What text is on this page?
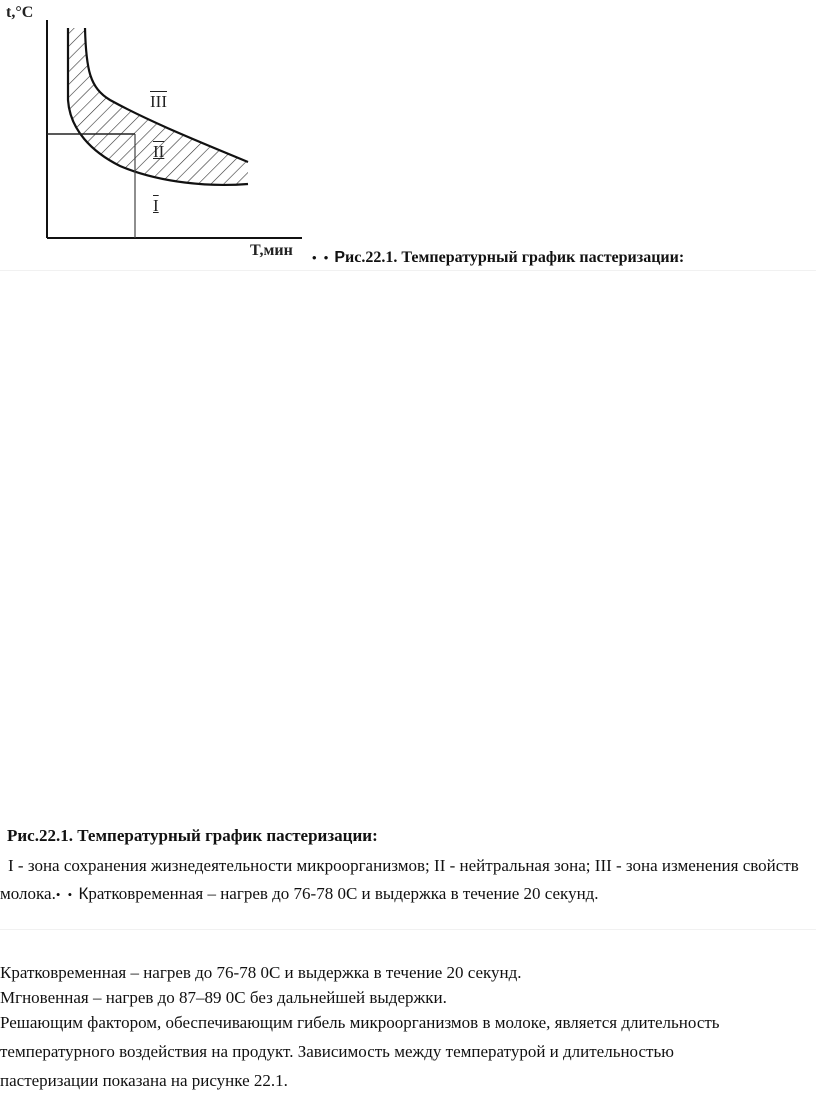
t,°C
T,мин
$\overline{III}$
II
I
• • Рис.22.1. Температурный график пастеризации:
Рис.22.1. Температурный график пастеризации:
I - зона сохранения жизнедеятельности микроорганизмов; II - нейтральная зона; III - зона изменения свойств молока.• • Кратковременная – нагрев до 76-78 0С и выдержка в течение 20 секунд.

Кратковременная – нагрев до 76-78 0С и выдержка в течение 20 секунд.

Мгновенная – нагрев до 87–89 0С без дальнейшей выдержки.

Решающим фактором, обеспечивающим гибель микроорганизмов в молоке, является длительность

температурного воздействия на продукт. Зависимость между температурой и длительностью

пастеризации показана на рисунке 22.1.
